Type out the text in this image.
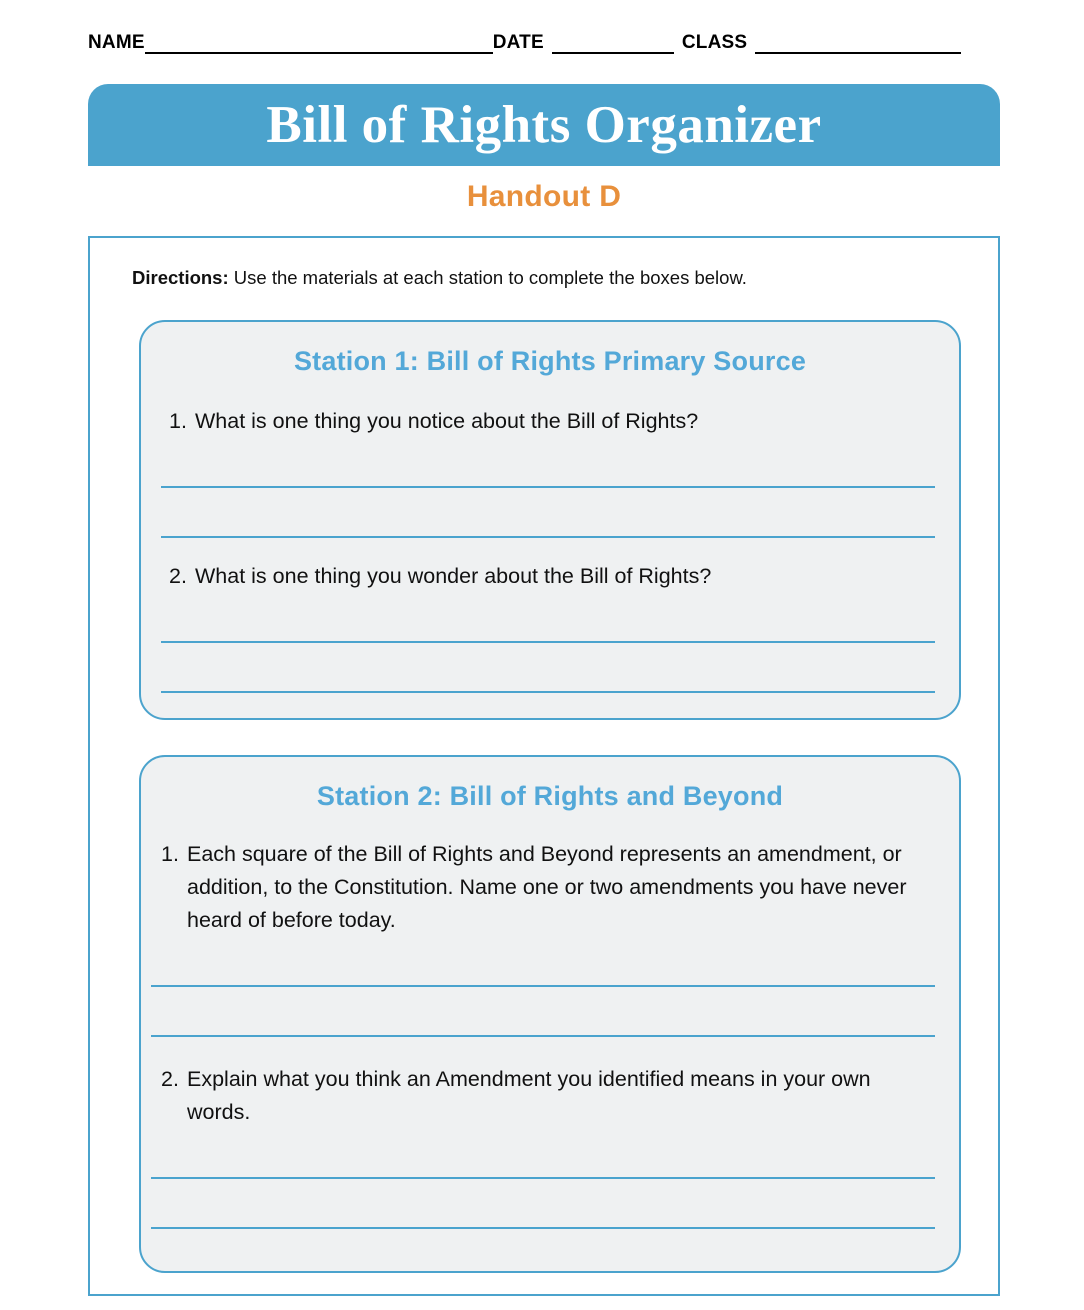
NAME	DATE	CLASS
Bill of Rights Organizer
Handout D
Directions: Use the materials at each station to complete the boxes below.
Station 1: Bill of Rights Primary Source
1. What is one thing you notice about the Bill of Rights?
2. What is one thing you wonder about the Bill of Rights?
Station 2: Bill of Rights and Beyond
1. Each square of the Bill of Rights and Beyond represents an amendment, or addition, to the Constitution. Name one or two amendments you have never heard of before today.
2. Explain what you think an Amendment you identified means in your own words.
